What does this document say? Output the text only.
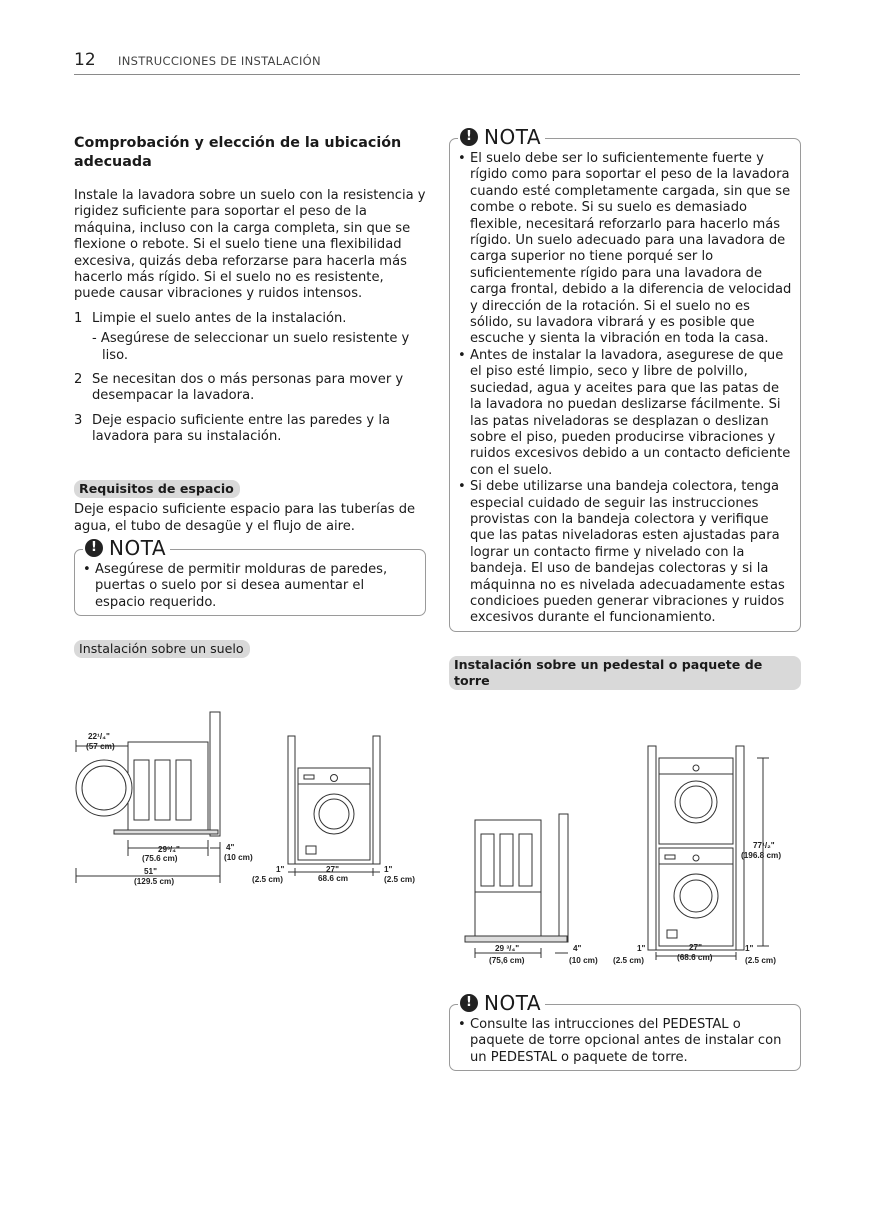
12 INSTRUCCIONES DE INSTALACIÓN
Comprobación y elección de la ubicación adecuada

Instale la lavadora sobre un suelo con la resistencia y rigidez suficiente para soportar el peso de la máquina, incluso con la carga completa, sin que se flexione o rebote. Si el suelo tiene una flexibilidad excesiva, quizás deba reforzarse para hacerla más hacerlo más rígido. Si el suelo no es resistente, puede causar vibraciones y ruidos intensos.

1 Limpie el suelo antes de la instalación.
- Asegúrese de seleccionar un suelo resistente y liso.
2 Se necesitan dos o más personas para mover y desempacar la lavadora.
3 Deje espacio suficiente entre las paredes y la lavadora para su instalación.
Requisitos de espacio

Deje espacio suficiente espacio para las tuberías de agua, el tubo de desagüe y el flujo de aire.

! NOTA
• Asegúrese de permitir molduras de paredes, puertas o suelo por si desea aumentar el espacio requerido.
Instalación sobre un suelo
22¹/₄"
(57 cm)
29³/₄"
(75.6 cm)
4"
(10 cm)
51"
(129.5 cm)
1"
(2.5 cm)
27"
68.6 cm
1"
(2.5 cm)
! NOTA
• El suelo debe ser lo suficientemente fuerte y rígido como para soportar el peso de la lavadora cuando esté completamente cargada, sin que se combe o rebote. Si su suelo es demasiado flexible, necesitará reforzarlo para hacerlo más rígido. Un suelo adecuado para una lavadora de carga superior no tiene porqué ser lo suficientemente rígido para una lavadora de carga frontal, debido a la diferencia de velocidad y dirección de la rotación. Si el suelo no es sólido, su lavadora vibrará y es posible que escuche y sienta la vibración en toda la casa.
• Antes de instalar la lavadora, asegurese de que el piso esté limpio, seco y libre de polvillo, suciedad, agua y aceites para que las patas de la lavadora no puedan deslizarse fácilmente. Si las patas niveladoras se desplazan o deslizan sobre el piso, pueden producirse vibraciones y ruidos excesivos debido a un contacto deficiente con el suelo.
• Si debe utilizarse una bandeja colectora, tenga especial cuidado de seguir las instrucciones provistas con la bandeja colectora y verifique que las patas niveladoras esten ajustadas para lograr un contacto firme y nivelado con la bandeja. El uso de bandejas colectoras y si la máquinna no es nivelada adecuadamente estas condicioes pueden generar vibraciones y ruidos excesivos durante el funcionamiento.
Instalación sobre un pedestal o paquete de torre
29 ³/₄"
(75,6 cm)
4"
(10 cm)
1"
(2.5 cm)
27"
(68.6 cm)
1"
(2.5 cm)
77¹/₂"
(196.8 cm)
! NOTA
• Consulte las intrucciones del PEDESTAL o paquete de torre opcional antes de instalar con un PEDESTAL o paquete de torre.
